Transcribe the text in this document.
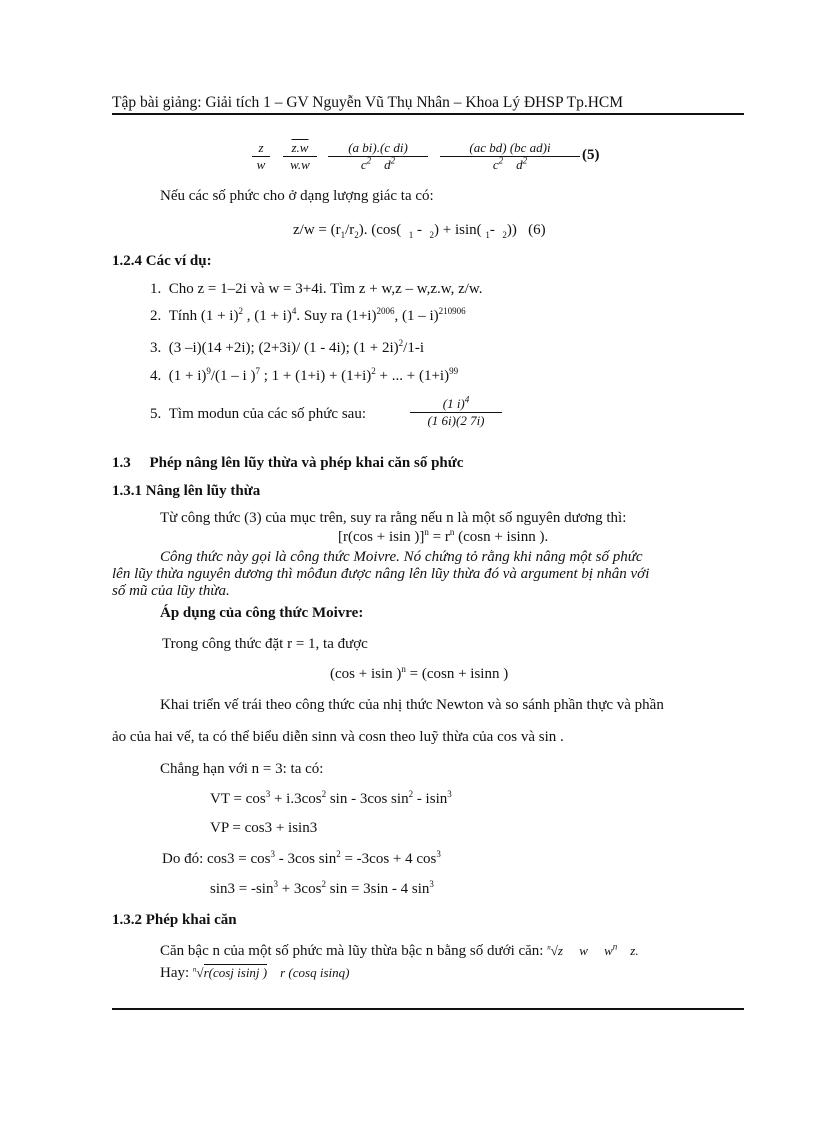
Tập bài giảng: Giải tích 1 – GV Nguyễn Vũ Thụ Nhân – Khoa Lý ĐHSP Tp.HCM
z
w
z.w
w.w
(a bi).(c di)
$c^2$ $d^2$
(ac bd) (bc ad)i
$c^2$ $d^2$	(5)
Nếu các số phức cho ở dạng lượng giác ta có:
$z/w = (r_1/r_2)$. (cos( $_1$ -  $_2$) + isin( $_1$-  $_2$)) (6)
1.2.4 Các ví dụ:
1. Cho z = 1–2i và w = 3+4i. Tìm z + w,z – w,z.w, z/w.
2. Tính $(1 + i)^2$ , $(1 + i)^4$. Suy ra $(1+i)^{2006}$, (1 – i)$^{210906}$
3. (3 –i)(14 +2i); (2+3i)/ (1 - 4i); $(1 + 2i)^2/1-i$
4. $(1 + i)^9/(1 - i$ )$^7$ ; $1 + (1+i) + (1+i)^2$ + ... + $(1+i)^{99}$
5. Tìm modun của các số phức sau:
(1 i)$^4$
(1 6i)(2 7i)
1.3 Phép nâng lên lũy thừa và phép khai căn số phức
1.3.1 Nâng lên lũy thừa
Từ công thức (3) của mục trên, suy ra rằng nếu n là một số nguyên dương thì:
[r(cos + isin )]$^n = r^n$ (cosn + isinn ).
Công thức này gọi là công thức Moivre. Nó chứng tỏ rằng khi nâng một số phức
lên lũy thừa nguyên dương thì môđun được nâng lên lũy thừa đó và argument bị nhân với
số mũ của lũy thừa.
Áp dụng của công thức Moivre:
Trong công thức đặt r = 1, ta được
(cos + isin )$^n$ = (cosn + isinn )
Khai triển vế trái theo công thức của nhị thức Newton và so sánh phần thực và phần
ảo của hai vế, ta có thể biểu diễn sinn và cosn theo luỹ thừa của cos và sin .
Chẳng hạn với n = 3: ta có:
VT = $\cos^3 + i.3\cos^2$ sin - 3cos $\sin^2 - isin^3$
VP = cos3 + isin3
Do đó: $\cos 3 = \cos^3 - 3\cos$ $\sin^2 = -3\cos + 4$ $\cos^3$
$\sin 3 = -\sin^3 + 3\cos^2$ sin = 3sin - 4 $\sin^3$
1.3.2 Phép khai căn
Căn bậc n của một số phức mà lũy thừa bậc n bằng số dưới căn: $^n$√z w $w^n$ z.
Hay: $^n$√r(cosj isinj ) r (cosq isinq)
